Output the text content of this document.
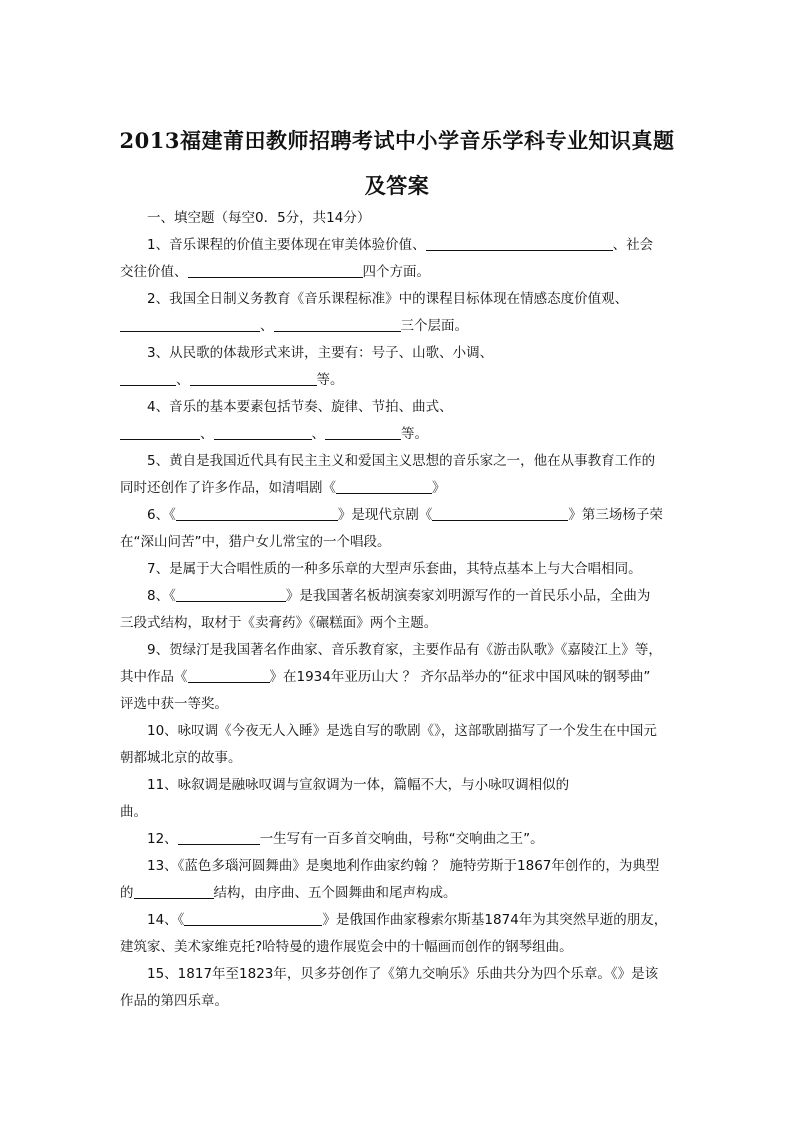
2013福建莆田教师招聘考试中小学音乐学科专业知识真题
及答案
一、填空题（每空0．5分，共14分）
1、音乐课程的价值主要体现在审美体验价值、	、社会
交往价值、	四个方面。
2、我国全日制义务教育《音乐课程标准》中的课程目标体现在情感态度价值观、
、	三个层面。
3、从民歌的体裁形式来讲，主要有：号子、山歌、小调、
、	等。
4、音乐的基本要素包括节奏、旋律、节拍、曲式、
、	、	等。
5、黄自是我国近代具有民主主义和爱国主义思想的音乐家之一，他在从事教育工作的
同时还创作了许多作品，如清唱剧《	》
6、《	》是现代京剧《	》第三场杨子荣
在“深山问苦”中，猎户女儿常宝的一个唱段。
7、是属于大合唱性质的一种多乐章的大型声乐套曲，其特点基本上与大合唱相同。
8、《	》是我国著名板胡演奏家刘明源写作的一首民乐小品，全曲为
三段式结构，取材于《卖膏药》《碾糕面》两个主题。
9、贺绿汀是我国著名作曲家、音乐教育家，主要作品有《游击队歌》《嘉陵江上》等，
其中作品《	》在1934年亚历山大 ？ 齐尔品举办的“征求中国风味的钢琴曲”
评选中获一等奖。
10、咏叹调《今夜无人入睡》是选自写的歌剧《》，这部歌剧描写了一个发生在中国元
朝都城北京的故事。
11、咏叙调是融咏叹调与宣叙调为一体，篇幅不大，与小咏叹调相似的
曲。
12、	一生写有一百多首交响曲，号称“交响曲之王”。
13、《蓝色多瑙河圆舞曲》是奥地利作曲家约翰 ？ 施特劳斯于1867年创作的，为典型
的	结构，由序曲、五个圆舞曲和尾声构成。
14、《	》是俄国作曲家穆索尔斯基1874年为其突然早逝的朋友，
建筑家、美术家维克托?哈特曼的遗作展览会中的十幅画而创作的钢琴组曲。
15、1817年至1823年，贝多芬创作了《第九交响乐》乐曲共分为四个乐章。《》是该
作品的第四乐章。
